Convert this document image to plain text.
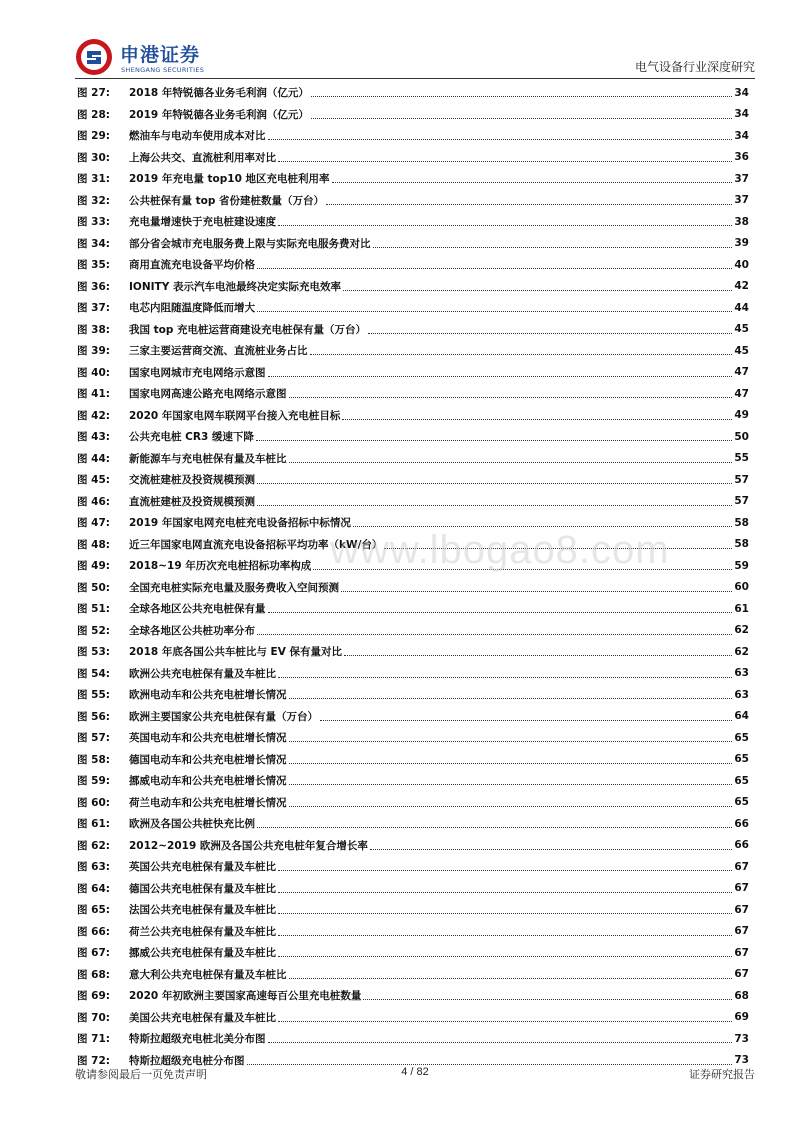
申港证券
SHENGANG SECURITIES	电气设备行业深度研究
图 27:	2018 年特锐德各业务毛利润（亿元）	34
图 28:	2019 年特锐德各业务毛利润（亿元）	34
图 29:	燃油车与电动车使用成本对比	34
图 30:	上海公共交、直流桩利用率对比	36
图 31:	2019 年充电量 top10 地区充电桩利用率	37
图 32:	公共桩保有量 top 省份建桩数量（万台）	37
图 33:	充电量增速快于充电桩建设速度	38
图 34:	部分省会城市充电服务费上限与实际充电服务费对比	39
图 35:	商用直流充电设备平均价格	40
图 36:	IONITY 表示汽车电池最终决定实际充电效率	42
图 37:	电芯内阻随温度降低而增大	44
图 38:	我国 top 充电桩运营商建设充电桩保有量（万台）	45
图 39:	三家主要运营商交流、直流桩业务占比	45
图 40:	国家电网城市充电网络示意图	47
图 41:	国家电网高速公路充电网络示意图	47
图 42:	2020 年国家电网车联网平台接入充电桩目标	49
图 43:	公共充电桩 CR3 缓速下降	50
图 44:	新能源车与充电桩保有量及车桩比	55
图 45:	交流桩建桩及投资规模预测	57
图 46:	直流桩建桩及投资规模预测	57
图 47:	2019 年国家电网充电桩充电设备招标中标情况	58
图 48:	近三年国家电网直流充电设备招标平均功率（kW/台）	58
图 49:	2018~19 年历次充电桩招标功率构成	59
图 50:	全国充电桩实际充电量及服务费收入空间预测	60
图 51:	全球各地区公共充电桩保有量	61
图 52:	全球各地区公共桩功率分布	62
图 53:	2018 年底各国公共车桩比与 EV 保有量对比	62
图 54:	欧洲公共充电桩保有量及车桩比	63
图 55:	欧洲电动车和公共充电桩增长情况	63
图 56:	欧洲主要国家公共充电桩保有量（万台）	64
图 57:	英国电动车和公共充电桩增长情况	65
图 58:	德国电动车和公共充电桩增长情况	65
图 59:	挪威电动车和公共充电桩增长情况	65
图 60:	荷兰电动车和公共充电桩增长情况	65
图 61:	欧洲及各国公共桩快充比例	66
图 62:	2012~2019 欧洲及各国公共充电桩年复合增长率	66
图 63:	英国公共充电桩保有量及车桩比	67
图 64:	德国公共充电桩保有量及车桩比	67
图 65:	法国公共充电桩保有量及车桩比	67
图 66:	荷兰公共充电桩保有量及车桩比	67
图 67:	挪威公共充电桩保有量及车桩比	67
图 68:	意大利公共充电桩保有量及车桩比	67
图 69:	2020 年初欧洲主要国家高速每百公里充电桩数量	68
图 70:	美国公共充电桩保有量及车桩比	69
图 71:	特斯拉超级充电桩北美分布图	73
图 72:	特斯拉超级充电桩分布图	73
www.lbogao8.com
敬请参阅最后一页免责声明	4 / 82	证券研究报告
